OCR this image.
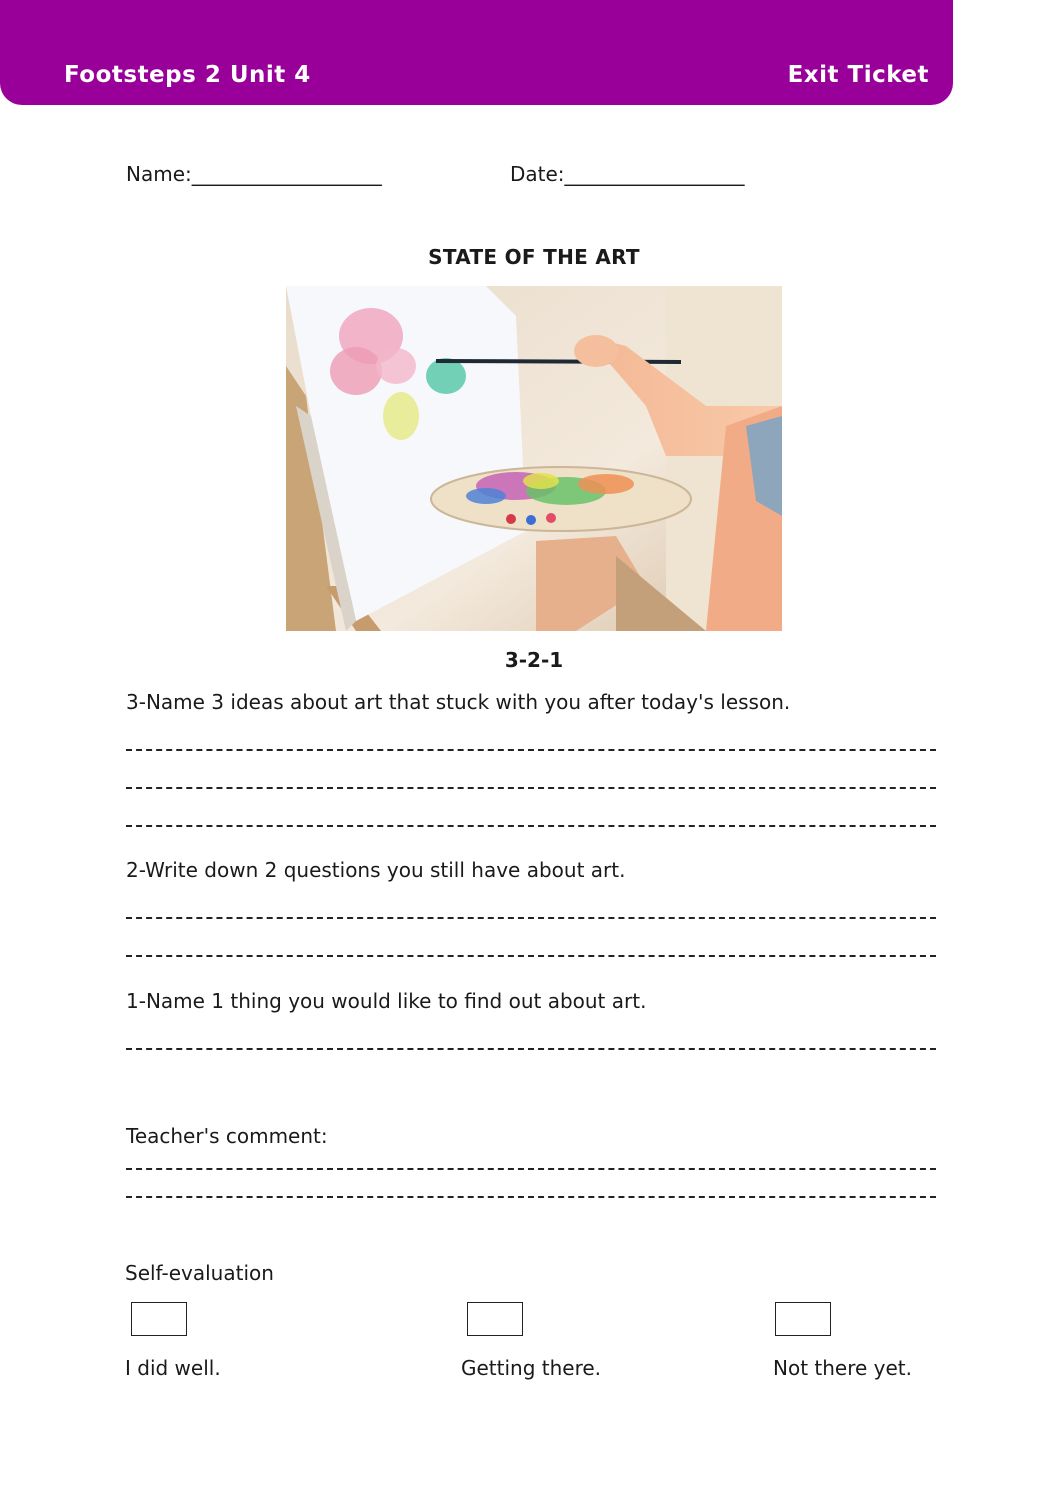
Footsteps 2 Unit 4	Exit Ticket
Name:___________________	Date:__________________
STATE OF THE ART
3-2-1
3-Name 3 ideas about art that stuck with you after today's lesson.
2-Write down 2 questions you still have about art.
1-Name 1 thing you would like to find out about art.
Teacher's comment:
Self-evaluation
I did well.	Getting there.	Not there yet.
